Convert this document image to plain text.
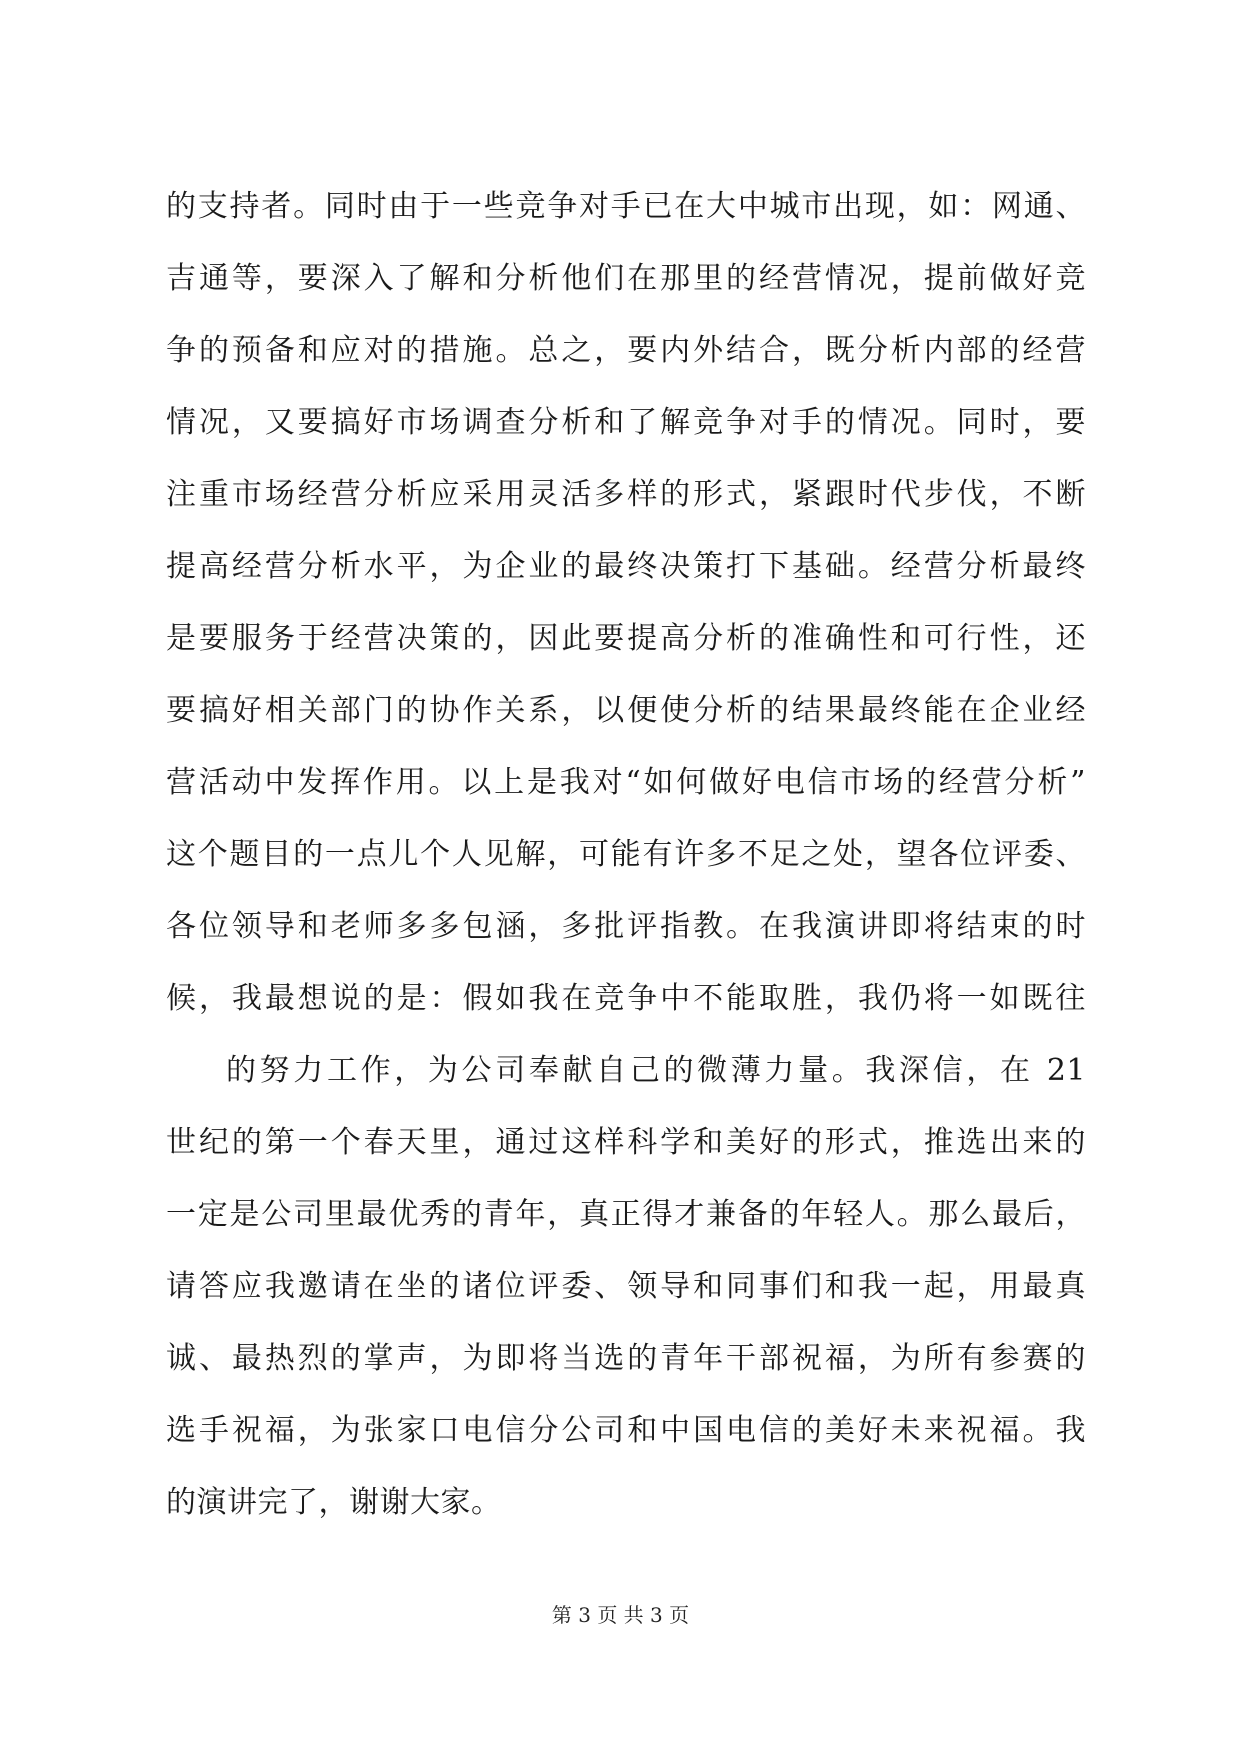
的支持者。同时由于一些竞争对手已在大中城市出现，如：网通、
吉通等，要深入了解和分析他们在那里的经营情况，提前做好竞
争的预备和应对的措施。总之，要内外结合，既分析内部的经营
情况，又要搞好市场调查分析和了解竞争对手的情况。同时，要
注重市场经营分析应采用灵活多样的形式，紧跟时代步伐，不断
提高经营分析水平，为企业的最终决策打下基础。经营分析最终
是要服务于经营决策的，因此要提高分析的准确性和可行性，还
要搞好相关部门的协作关系，以便使分析的结果最终能在企业经
营活动中发挥作用。以上是我对“如何做好电信市场的经营分析”
这个题目的一点儿个人见解，可能有许多不足之处，望各位评委、
各位领导和老师多多包涵，多批评指教。在我演讲即将结束的时
候，我最想说的是：假如我在竞争中不能取胜，我仍将一如既往
的努力工作，为公司奉献自己的微薄力量。我深信，在 21
世纪的第一个春天里，通过这样科学和美好的形式，推选出来的
一定是公司里最优秀的青年，真正得才兼备的年轻人。那么最后，
请答应我邀请在坐的诸位评委、领导和同事们和我一起，用最真
诚、最热烈的掌声，为即将当选的青年干部祝福，为所有参赛的
选手祝福，为张家口电信分公司和中国电信的美好未来祝福。我
的演讲完了，谢谢大家。
第 3 页 共 3 页
